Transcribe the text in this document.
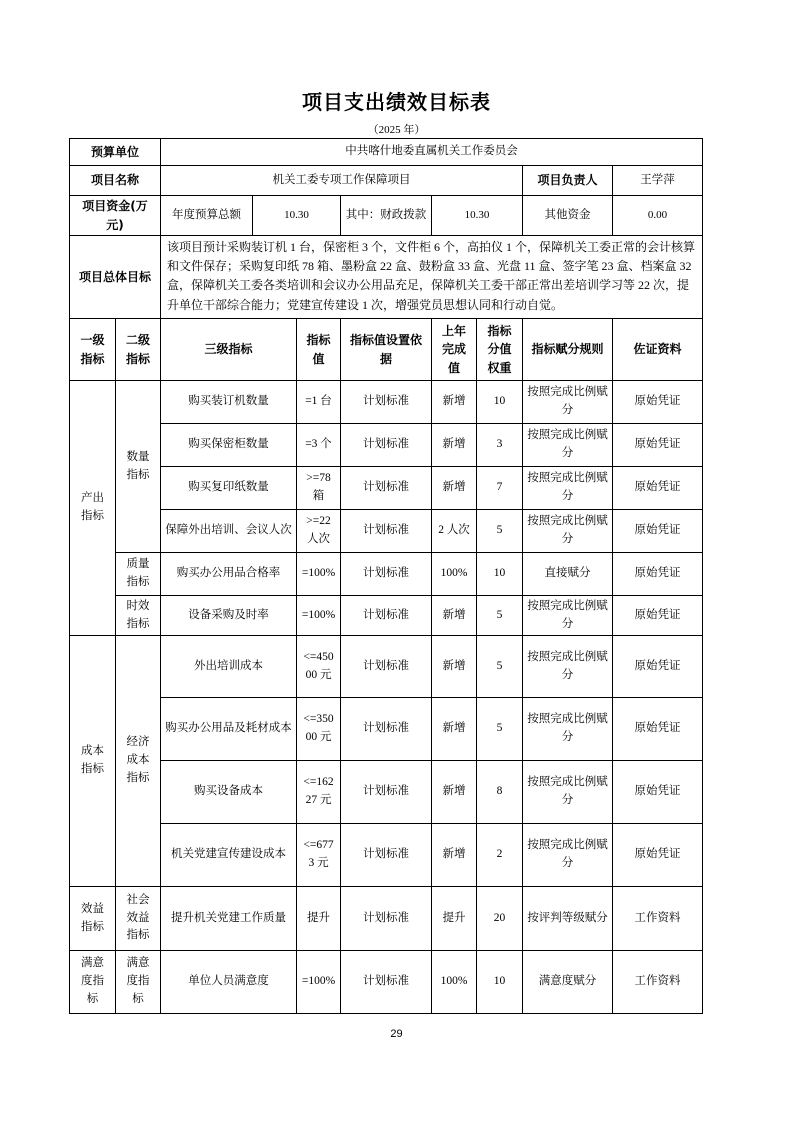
项目支出绩效目标表
（2025 年）
预算单位	中共喀什地委直属机关工作委员会					
项目名称	机关工委专项工作保障项目				项目负责人	王学萍
项目资金(万元)	年度预算总额	10.30	其中：财政拨款	10.30	其他资金	0.00
项目总体目标	该项目预计采购装订机 1 台，保密柜 3 个，文件柜 6 个，高拍仪 1 个，保障机关工委正常的会计核算和文件保存；采购复印纸 78 箱、墨粉盒 22 盒、鼓粉盒 33 盒、光盘 11 盒、签字笔 23 盒、档案盒 32 盒，保障机关工委各类培训和会议办公用品充足，保障机关工委干部正常出差培训学习等 22 次，提升单位干部综合能力；党建宣传建设 1 次，增强党员思想认同和行动自觉。					
一级指标	二级指标	三级指标	指标值	指标值设置依据	上年完成值	指标分值权重	指标赋分规则	佐证资料
产出指标	数量指标	购买装订机数量	=1 台	计划标准	新增	10	按照完成比例赋分	原始凭证
		购买保密柜数量	=3 个	计划标准	新增	3	按照完成比例赋分	原始凭证
		购买复印纸数量	>=78 箱	计划标准	新增	7	按照完成比例赋分	原始凭证
		保障外出培训、会议人次	>=22 人次	计划标准	2 人次	5	按照完成比例赋分	原始凭证
	质量指标	购买办公用品合格率	=100%	计划标准	100%	10	直接赋分	原始凭证
	时效指标	设备采购及时率	=100%	计划标准	新增	5	按照完成比例赋分	原始凭证
成本指标	经济成本指标	外出培训成本	<=45000 元	计划标准	新增	5	按照完成比例赋分	原始凭证
		购买办公用品及耗材成本	<=35000 元	计划标准	新增	5	按照完成比例赋分	原始凭证
		购买设备成本	<=16227 元	计划标准	新增	8	按照完成比例赋分	原始凭证
		机关党建宣传建设成本	<=6773 元	计划标准	新增	2	按照完成比例赋分	原始凭证
效益指标	社会效益指标	提升机关党建工作质量	提升	计划标准	提升	20	按评判等级赋分	工作资料
满意度指标	满意度指标	单位人员满意度	=100%	计划标准	100%	10	满意度赋分	工作资料
29
